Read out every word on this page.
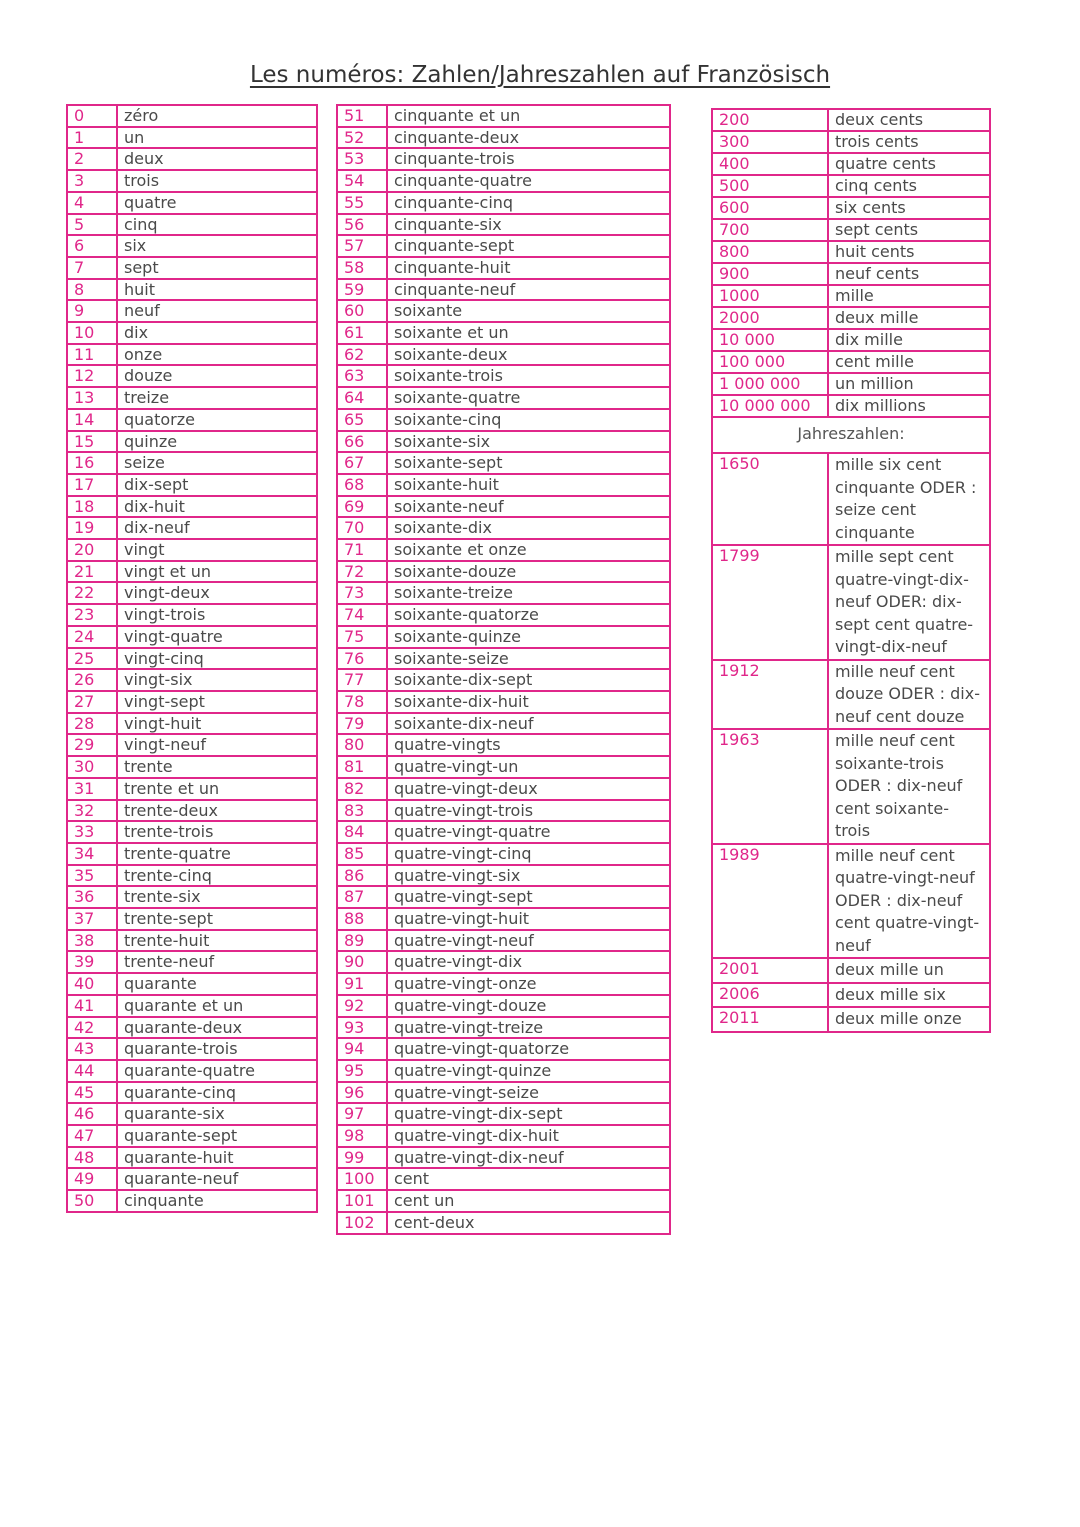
Les numéros: Zahlen/Jahreszahlen auf Französisch
0	zéro
1	un
2	deux
3	trois
4	quatre
5	cinq
6	six
7	sept
8	huit
9	neuf
10	dix
11	onze
12	douze
13	treize
14	quatorze
15	quinze
16	seize
17	dix-sept
18	dix-huit
19	dix-neuf
20	vingt
21	vingt et un
22	vingt-deux
23	vingt-trois
24	vingt-quatre
25	vingt-cinq
26	vingt-six
27	vingt-sept
28	vingt-huit
29	vingt-neuf
30	trente
31	trente et un
32	trente-deux
33	trente-trois
34	trente-quatre
35	trente-cinq
36	trente-six
37	trente-sept
38	trente-huit
39	trente-neuf
40	quarante
41	quarante et un
42	quarante-deux
43	quarante-trois
44	quarante-quatre
45	quarante-cinq
46	quarante-six
47	quarante-sept
48	quarante-huit
49	quarante-neuf
50	cinquante
51	cinquante et un
52	cinquante-deux
53	cinquante-trois
54	cinquante-quatre
55	cinquante-cinq
56	cinquante-six
57	cinquante-sept
58	cinquante-huit
59	cinquante-neuf
60	soixante
61	soixante et un
62	soixante-deux
63	soixante-trois
64	soixante-quatre
65	soixante-cinq
66	soixante-six
67	soixante-sept
68	soixante-huit
69	soixante-neuf
70	soixante-dix
71	soixante et onze
72	soixante-douze
73	soixante-treize
74	soixante-quatorze
75	soixante-quinze
76	soixante-seize
77	soixante-dix-sept
78	soixante-dix-huit
79	soixante-dix-neuf
80	quatre-vingts
81	quatre-vingt-un
82	quatre-vingt-deux
83	quatre-vingt-trois
84	quatre-vingt-quatre
85	quatre-vingt-cinq
86	quatre-vingt-six
87	quatre-vingt-sept
88	quatre-vingt-huit
89	quatre-vingt-neuf
90	quatre-vingt-dix
91	quatre-vingt-onze
92	quatre-vingt-douze
93	quatre-vingt-treize
94	quatre-vingt-quatorze
95	quatre-vingt-quinze
96	quatre-vingt-seize
97	quatre-vingt-dix-sept
98	quatre-vingt-dix-huit
99	quatre-vingt-dix-neuf
100	cent
101	cent un
102	cent-deux
200	deux cents
300	trois cents
400	quatre cents
500	cinq cents
600	six cents
700	sept cents
800	huit cents
900	neuf cents
1000	mille
2000	deux mille
10 000	dix mille
100 000	cent mille
1 000 000	un million
10 000 000	dix millions
Jahreszahlen:	
1650	mille six cent cinquante ODER : seize cent cinquante
1799	mille sept cent quatre-vingt-dix-neuf ODER: dix-sept cent quatre-vingt-dix-neuf
1912	mille neuf cent douze ODER : dix-neuf cent douze
1963	mille neuf cent soixante-trois ODER : dix-neuf cent soixante-trois
1989	mille neuf cent quatre-vingt-neuf ODER : dix-neuf cent quatre-vingt-neuf
2001	deux mille un
2006	deux mille six
2011	deux mille onze
